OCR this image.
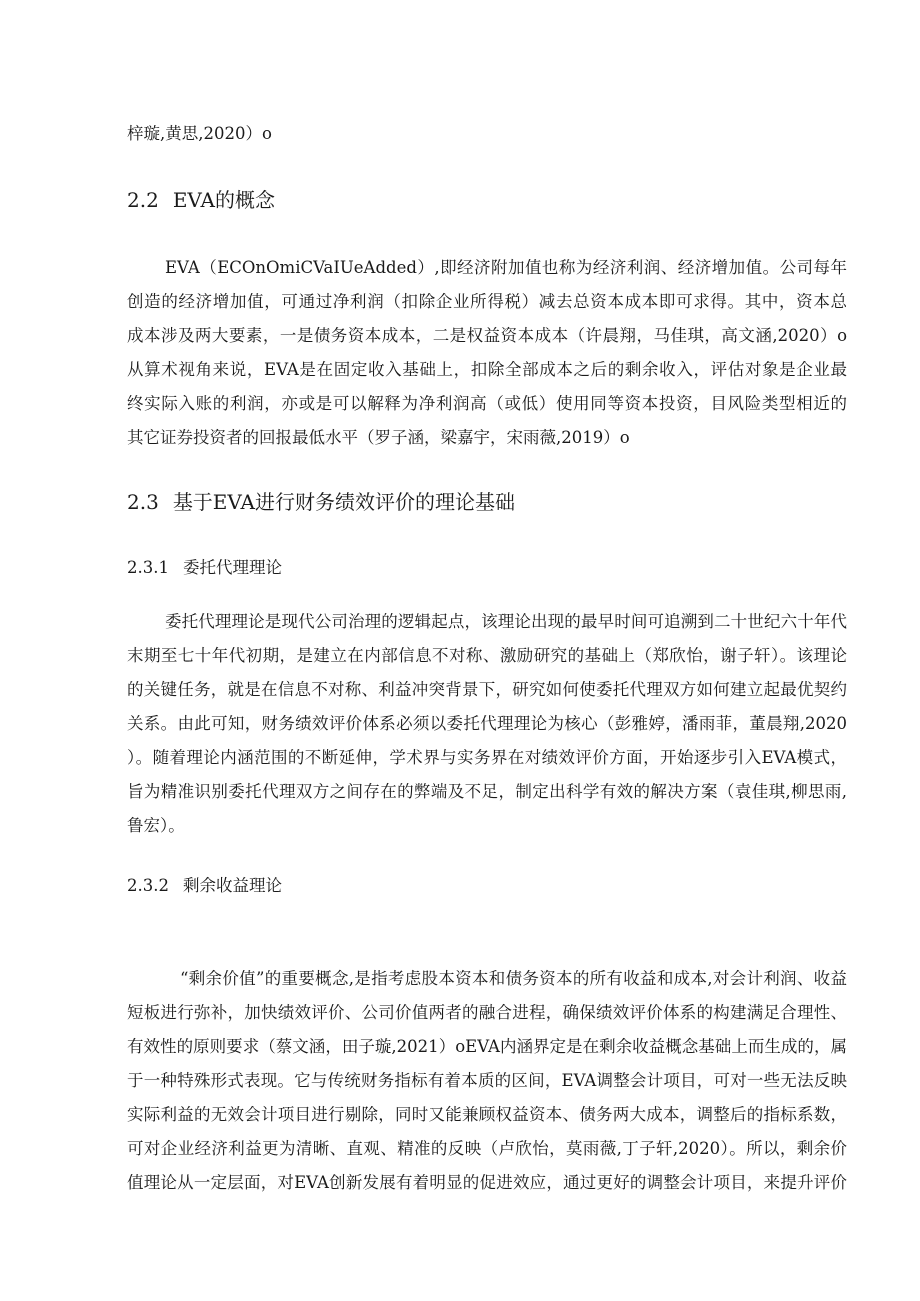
梓璇,黄思,2020）o
2.2 EVA的概念
EVA（ECOnOmiCVaIUeAdded）,即经济附加值也称为经济利润、经济增加值。公司每年
创造的经济增加值，可通过净利润（扣除企业所得税）减去总资本成本即可求得。其中，资本总
成本涉及两大要素，一是债务资本成本，二是权益资本成本（许晨翔，马佳琪，高文涵,2020）o
从算术视角来说，EVA是在固定收入基础上，扣除全部成本之后的剩余收入，评估对象是企业最
终实际入账的利润，亦或是可以解释为净利润高（或低）使用同等资本投资，目风险类型相近的
其它证券投资者的回报最低水平（罗子涵，梁嘉宇，宋雨薇,2019）o
2.3 基于EVA进行财务绩效评价的理论基础
2.3.1 委托代理理论
委托代理理论是现代公司治理的逻辑起点，该理论出现的最早时间可追溯到二十世纪六十年代
末期至七十年代初期，是建立在内部信息不对称、激励研究的基础上（郑欣怡，谢子轩）。该理论
的关键任务，就是在信息不对称、利益冲突背景下，研究如何使委托代理双方如何建立起最优契约
关系。由此可知，财务绩效评价体系必须以委托代理理论为核心（彭雅婷，潘雨菲，董晨翔,2020
）。随着理论内涵范围的不断延伸，学术界与实务界在对绩效评价方面，开始逐步引入EVA模式，
旨为精准识别委托代理双方之间存在的弊端及不足，制定出科学有效的解决方案（袁佳琪,柳思雨,
鲁宏）。
2.3.2 剩余收益理论
“剩余价值”的重要概念,是指考虑股本资本和债务资本的所有收益和成本,对会计利润、收益
短板进行弥补，加快绩效评价、公司价值两者的融合进程，确保绩效评价体系的构建满足合理性、
有效性的原则要求（蔡文涵，田子璇,2021）oEVA内涵界定是在剩余收益概念基础上而生成的，属
于一种特殊形式表现。它与传统财务指标有着本质的区间，EVA调整会计项目，可对一些无法反映
实际利益的无效会计项目进行剔除，同时又能兼顾权益资本、债务两大成本，调整后的指标系数，
可对企业经济利益更为清晰、直观、精准的反映（卢欣怡，莫雨薇,丁子轩,2020）。所以，剩余价
值理论从一定层面，对EVA创新发展有着明显的促进效应，通过更好的调整会计项目，来提升评价
